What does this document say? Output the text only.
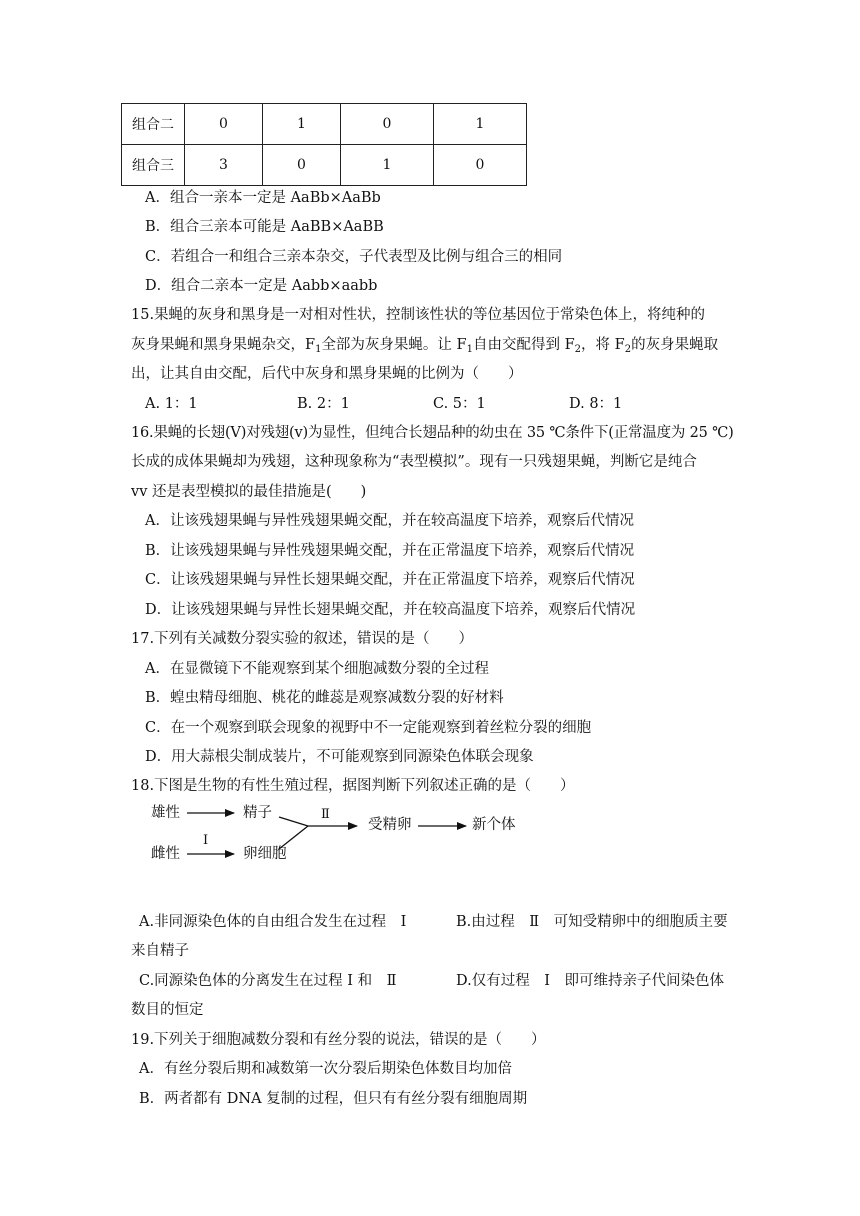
组合二	0	1	0	1
组合三	3	0	1	0
A．组合一亲本一定是 AaBb×AaBb
B．组合三亲本可能是 AaBB×AaBB
C．若组合一和组合三亲本杂交，子代表型及比例与组合三的相同
D．组合二亲本一定是 Aabb×aabb
15.果蝇的灰身和黑身是一对相对性状，控制该性状的等位基因位于常染色体上，将纯种的
灰身果蝇和黑身果蝇杂交，$F_1$全部为灰身果蝇。让 $F_1$自由交配得到 $F_2$，将 $F_2$的灰身果蝇取
出，让其自由交配，后代中灰身和黑身果蝇的比例为（　　）
A. 1：1	B. 2：1	C. 5：1	D. 8：1
16.果蝇的长翅(V)对残翅(v)为显性，但纯合长翅品种的幼虫在 35 ℃条件下(正常温度为 25 ℃)
长成的成体果蝇却为残翅，这种现象称为“表型模拟”。现有一只残翅果蝇，判断它是纯合
vv 还是表型模拟的最佳措施是(　　)
A．让该残翅果蝇与异性残翅果蝇交配，并在较高温度下培养，观察后代情况
B．让该残翅果蝇与异性残翅果蝇交配，并在正常温度下培养，观察后代情况
C．让该残翅果蝇与异性长翅果蝇交配，并在正常温度下培养，观察后代情况
D．让该残翅果蝇与异性长翅果蝇交配，并在较高温度下培养，观察后代情况
17.下列有关减数分裂实验的叙述，错误的是（　　）
A．在显微镜下不能观察到某个细胞减数分裂的全过程
B．蝗虫精母细胞、桃花的雌蕊是观察减数分裂的好材料
C．在一个观察到联会现象的视野中不一定能观察到着丝粒分裂的细胞
D．用大蒜根尖制成装片，不可能观察到同源染色体联会现象
18.下图是生物的有性生殖过程，据图判断下列叙述正确的是（　　）
雄性	精子	Ⅱ
受精卵	新个体
I
雌性	卵细胞
A.非同源染色体的自由组合发生在过程　I	B.由过程　Ⅱ　可知受精卵中的细胞质主要
来自精子
C.同源染色体的分离发生在过程 I 和　Ⅱ	D.仅有过程　I　即可维持亲子代间染色体
数目的恒定
19.下列关于细胞减数分裂和有丝分裂的说法，错误的是（　　）
A．有丝分裂后期和减数第一次分裂后期染色体数目均加倍
B．两者都有 DNA 复制的过程，但只有有丝分裂有细胞周期
